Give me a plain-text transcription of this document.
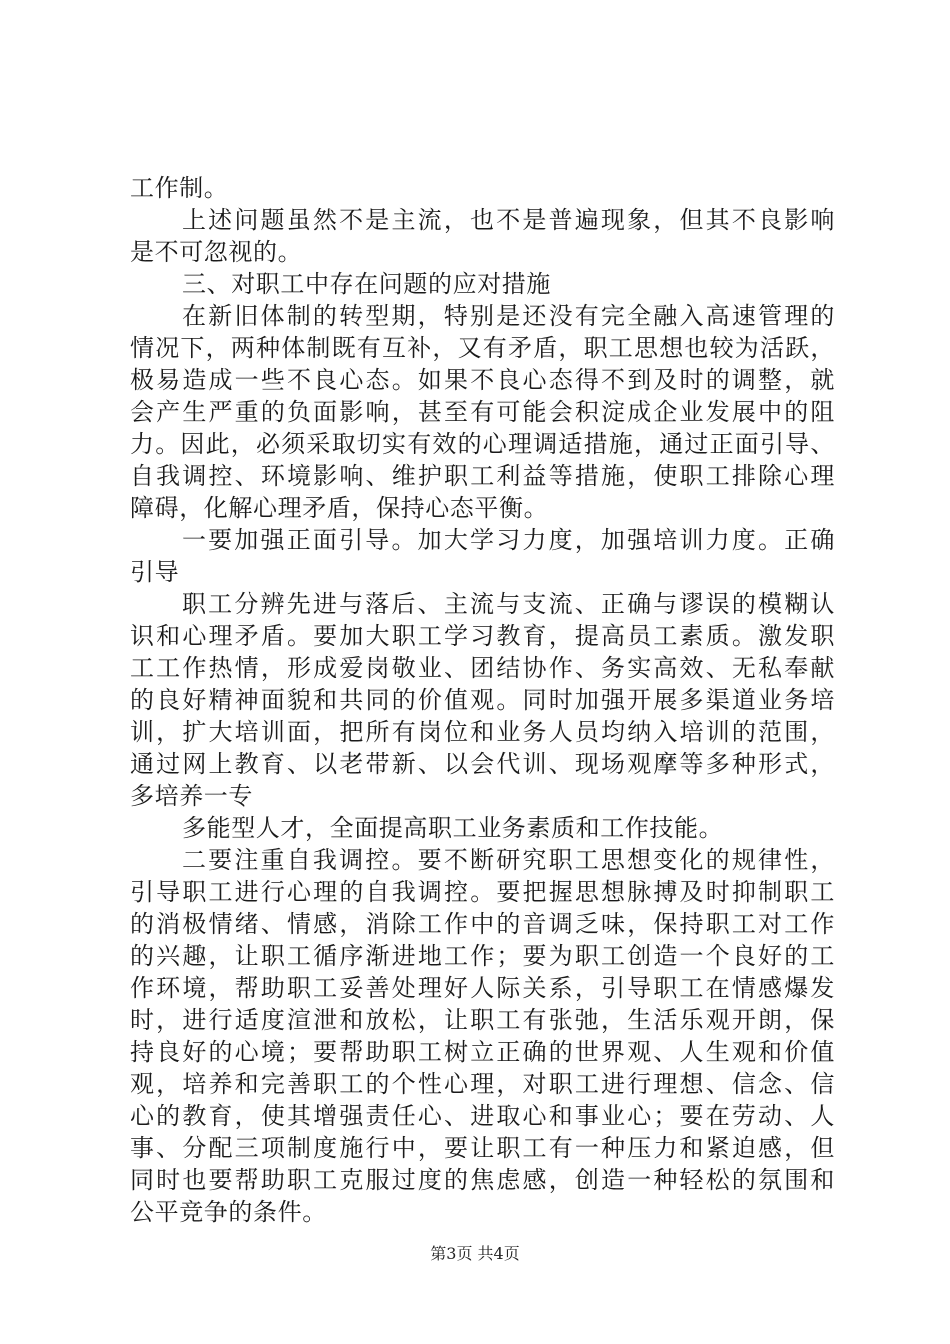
工作制。
上述问题虽然不是主流，也不是普遍现象，但其不良影响
是不可忽视的。
三、对职工中存在问题的应对措施
在新旧体制的转型期，特别是还没有完全融入高速管理的
情况下，两种体制既有互补，又有矛盾，职工思想也较为活跃，
极易造成一些不良心态。如果不良心态得不到及时的调整，就
会产生严重的负面影响，甚至有可能会积淀成企业发展中的阻
力。因此，必须采取切实有效的心理调适措施，通过正面引导、
自我调控、环境影响、维护职工利益等措施，使职工排除心理
障碍，化解心理矛盾，保持心态平衡。
一要加强正面引导。加大学习力度，加强培训力度。正确
引导
职工分辨先进与落后、主流与支流、正确与谬误的模糊认
识和心理矛盾。要加大职工学习教育，提高员工素质。激发职
工工作热情，形成爱岗敬业、团结协作、务实高效、无私奉献
的良好精神面貌和共同的价值观。同时加强开展多渠道业务培
训，扩大培训面，把所有岗位和业务人员均纳入培训的范围，
通过网上教育、以老带新、以会代训、现场观摩等多种形式，
多培养一专
多能型人才，全面提高职工业务素质和工作技能。
二要注重自我调控。要不断研究职工思想变化的规律性，
引导职工进行心理的自我调控。要把握思想脉搏及时抑制职工
的消极情绪、情感，消除工作中的音调乏味，保持职工对工作
的兴趣，让职工循序渐进地工作；要为职工创造一个良好的工
作环境，帮助职工妥善处理好人际关系，引导职工在情感爆发
时，进行适度渲泄和放松，让职工有张弛，生活乐观开朗，保
持良好的心境；要帮助职工树立正确的世界观、人生观和价值
观，培养和完善职工的个性心理，对职工进行理想、信念、信
心的教育，使其增强责任心、进取心和事业心；要在劳动、人
事、分配三项制度施行中，要让职工有一种压力和紧迫感，但
同时也要帮助职工克服过度的焦虑感，创造一种轻松的氛围和
公平竞争的条件。
第3页 共4页
